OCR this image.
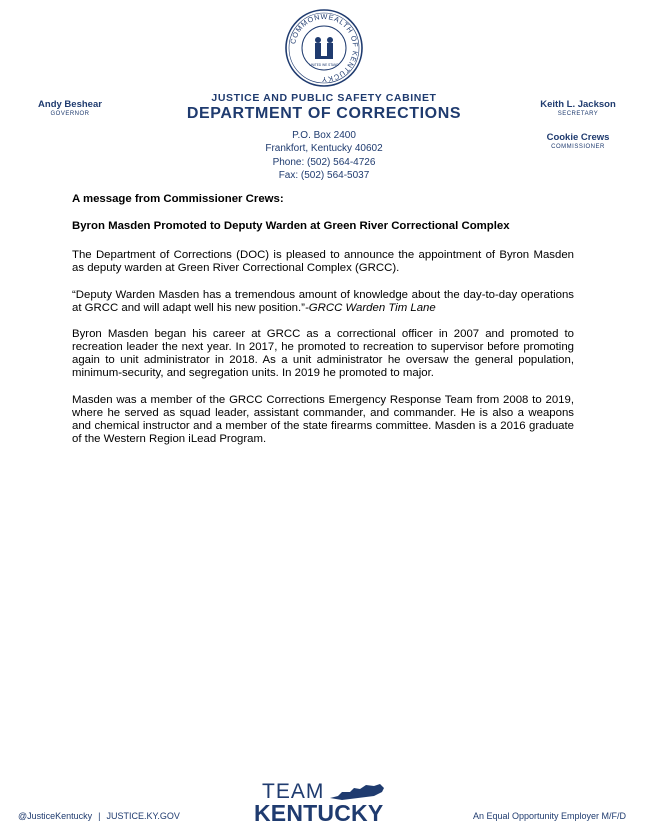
COMMONWEALTH OF KENTUCKY
UNITED WE STAND
Andy Beshear
GOVERNOR
JUSTICE AND PUBLIC SAFETY CABINET
DEPARTMENT OF CORRECTIONS
P.O. Box 2400
Frankfort, Kentucky 40602
Phone: (502) 564-4726
Fax: (502) 564-5037
Keith L. Jackson
SECRETARY
Cookie Crews
COMMISSIONER
A message from Commissioner Crews:
Byron Masden Promoted to Deputy Warden at Green River Correctional Complex

The Department of Corrections (DOC) is pleased to announce the appointment of Byron Masden as deputy warden at Green River Correctional Complex (GRCC).

“Deputy Warden Masden has a tremendous amount of knowledge about the day-to-day operations at GRCC and will adapt well his new position.”-GRCC Warden Tim Lane

Byron Masden began his career at GRCC as a correctional officer in 2007 and promoted to recreation leader the next year. In 2017, he promoted to recreation to supervisor before promoting again to unit administrator in 2018. As a unit administrator he oversaw the general population, minimum-security, and segregation units. In 2019 he promoted to major.

Masden was a member of the GRCC Corrections Emergency Response Team from 2008 to 2019, where he served as squad leader, assistant commander, and commander. He is also a weapons and chemical instructor and a member of the state firearms committee. Masden is a 2016 graduate of the Western Region iLead Program.

@JusticeKentucky | JUSTICE.KY.GOV
TEAM
KENTUCKY	An Equal Opportunity Employer M/F/D
